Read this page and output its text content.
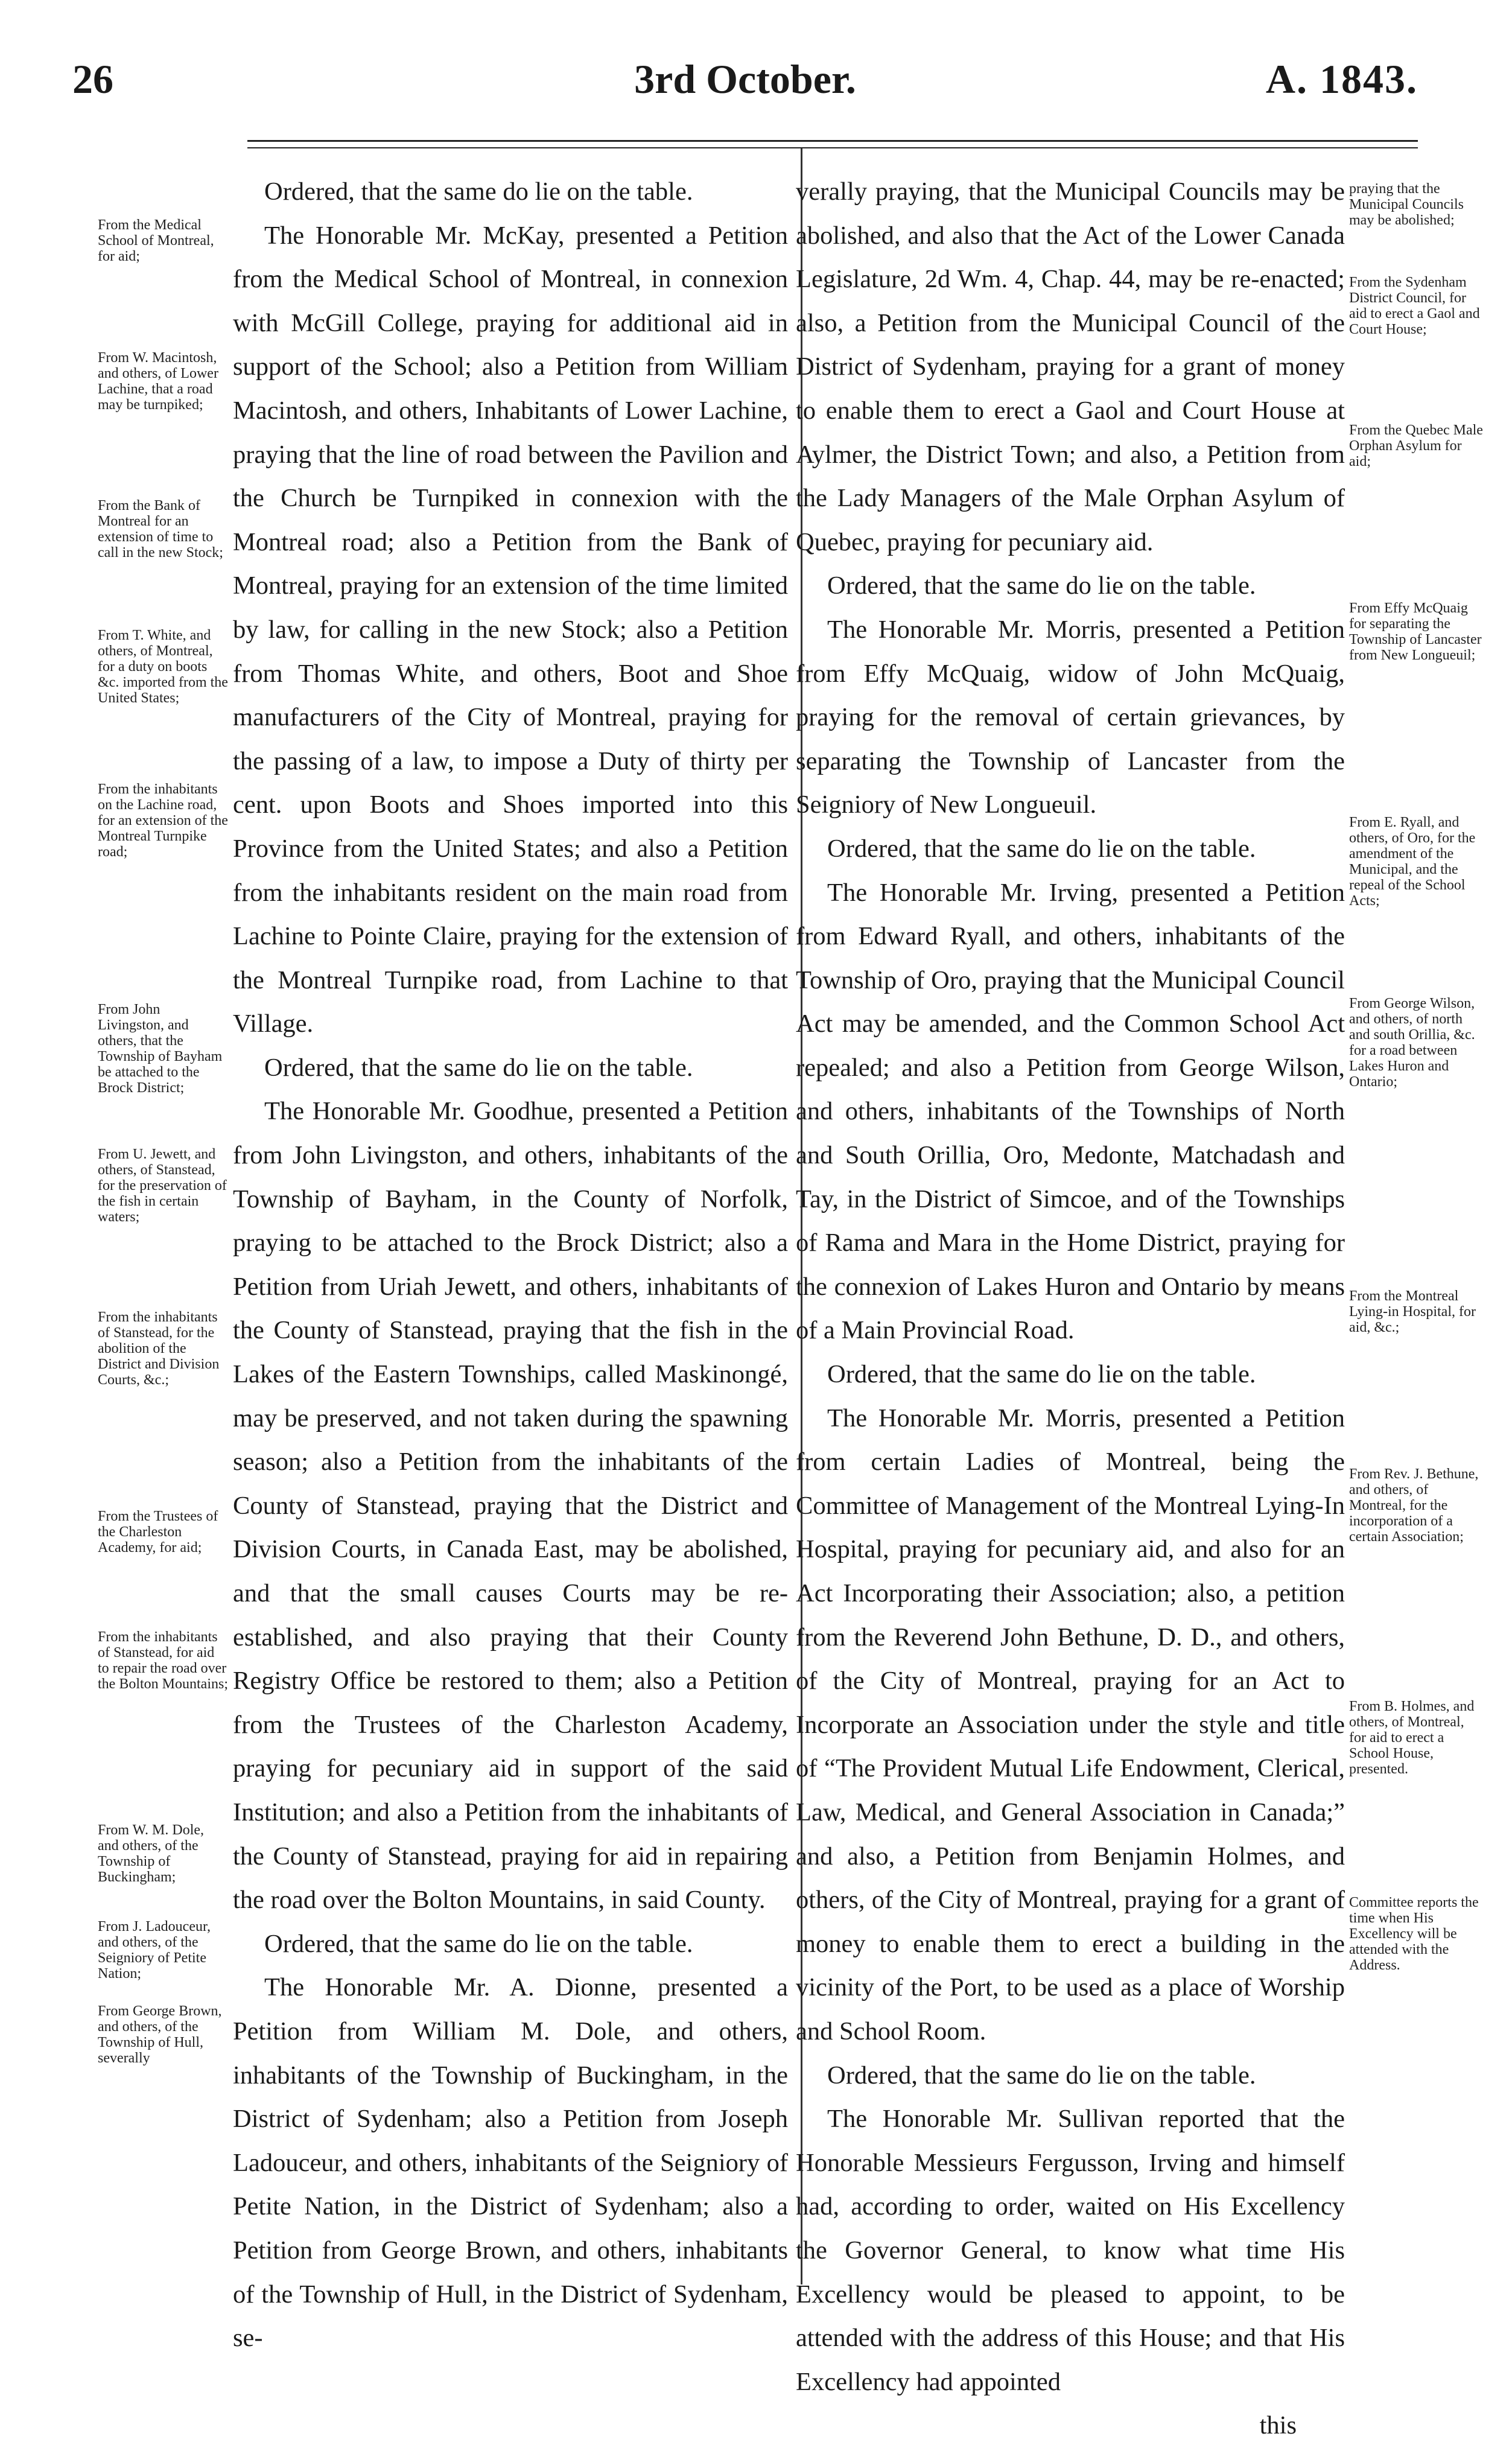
26	3rd October.	A. 1843.

Ordered, that the same do lie on the table.

The Honorable Mr. McKay, presented a Petition from the Medical School of Montreal, in connexion with McGill College, praying for additional aid in support of the School; also a Petition from William Macintosh, and others, Inhabitants of Lower Lachine, praying that the line of road between the Pavilion and the Church be Turnpiked in connexion with the Montreal road; also a Petition from the Bank of Montreal, praying for an extension of the time limited by law, for calling in the new Stock; also a Petition from Thomas White, and others, Boot and Shoe manufacturers of the City of Montreal, praying for the passing of a law, to impose a Duty of thirty per cent. upon Boots and Shoes imported into this Province from the United States; and also a Petition from the inhabitants resident on the main road from Lachine to Pointe Claire, praying for the extension of the Montreal Turnpike road, from Lachine to that Village.

Ordered, that the same do lie on the table.

The Honorable Mr. Goodhue, presented a Petition from John Livingston, and others, inhabitants of the Township of Bayham, in the County of Norfolk, praying to be attached to the Brock District; also a Petition from Uriah Jewett, and others, inhabitants of the County of Stanstead, praying that the fish in the Lakes of the Eastern Townships, called Maskinongé, may be preserved, and not taken during the spawning season; also a Petition from the inhabitants of the County of Stanstead, praying that the District and Division Courts, in Canada East, may be abolished, and that the small causes Courts may be re-established, and also praying that their County Registry Office be restored to them; also a Petition from the Trustees of the Charleston Academy, praying for pecuniary aid in support of the said Institution; and also a Petition from the inhabitants of the County of Stanstead, praying for aid in repairing the road over the Bolton Mountains, in said County.

Ordered, that the same do lie on the table.

The Honorable Mr. A. Dionne, presented a Petition from William M. Dole, and others, inhabitants of the Township of Buckingham, in the District of Sydenham; also a Petition from Joseph Ladouceur, and others, inhabitants of the Seigniory of Petite Nation, in the District of Sydenham; also a Petition from George Brown, and others, inhabitants of the Township of Hull, in the District of Sydenham, se-

verally praying, that the Municipal Councils may be abolished, and also that the Act of the Lower Canada Legislature, 2d Wm. 4, Chap. 44, may be re-enacted; also, a Petition from the Municipal Council of the District of Sydenham, praying for a grant of money to enable them to erect a Gaol and Court House at Aylmer, the District Town; and also, a Petition from the Lady Managers of the Male Orphan Asylum of Quebec, praying for pecuniary aid.

Ordered, that the same do lie on the table.

The Honorable Mr. Morris, presented a Petition from Effy McQuaig, widow of John McQuaig, praying for the removal of certain grievances, by separating the Township of Lancaster from the Seigniory of New Longueuil.

Ordered, that the same do lie on the table.

The Honorable Mr. Irving, presented a Petition from Edward Ryall, and others, inhabitants of the Township of Oro, praying that the Municipal Council Act may be amended, and the Common School Act repealed; and also a Petition from George Wilson, and others, inhabitants of the Townships of North and South Orillia, Oro, Medonte, Matchadash and Tay, in the District of Simcoe, and of the Townships of Rama and Mara in the Home District, praying for the connexion of Lakes Huron and Ontario by means of a Main Provincial Road.

Ordered, that the same do lie on the table.

The Honorable Mr. Morris, presented a Petition from certain Ladies of Montreal, being the Committee of Management of the Montreal Lying-In Hospital, praying for pecuniary aid, and also for an Act Incorporating their Association; also, a petition from the Reverend John Bethune, D. D., and others, of the City of Montreal, praying for an Act to Incorporate an Association under the style and title of “The Provident Mutual Life Endowment, Clerical, Law, Medical, and General Association in Canada;” and also, a Petition from Benjamin Holmes, and others, of the City of Montreal, praying for a grant of money to enable them to erect a building in the vicinity of the Port, to be used as a place of Worship and School Room.

Ordered, that the same do lie on the table.

The Honorable Mr. Sullivan reported that the Honorable Messieurs Fergusson, Irving and himself had, according to order, waited on His Excellency the Governor General, to know what time His Excellency would be pleased to appoint, to be attended with the address of this House; and that His Excellency had appointed

this

From the Medical School of Montreal, for aid;
From W. Macintosh, and others, of Lower Lachine, that a road may be turnpiked;
From the Bank of Montreal for an extension of time to call in the new Stock;
From T. White, and others, of Montreal, for a duty on boots &c. imported from the United States;
From the inhabitants on the Lachine road, for an extension of the Montreal Turnpike road;
From John Livingston, and others, that the Township of Bayham be attached to the Brock District;
From U. Jewett, and others, of Stanstead, for the preservation of the fish in certain waters;
From the inhabitants of Stanstead, for the abolition of the District and Division Courts, &c.;
From the Trustees of the Charleston Academy, for aid;
From the inhabitants of Stanstead, for aid to repair the road over the Bolton Mountains;
From W. M. Dole, and others, of the Township of Buckingham;
From J. Ladouceur, and others, of the Seigniory of Petite Nation;
From George Brown, and others, of the Township of Hull, severally
praying that the Municipal Councils may be abolished;
From the Sydenham District Council, for aid to erect a Gaol and Court House;
From the Quebec Male Orphan Asylum for aid;
From Effy McQuaig for separating the Township of Lancaster from New Longueuil;
From E. Ryall, and others, of Oro, for the amendment of the Municipal, and the repeal of the School Acts;
From George Wilson, and others, of north and south Orillia, &c. for a road between Lakes Huron and Ontario;
From the Montreal Lying-in Hospital, for aid, &c.;
From Rev. J. Bethune, and others, of Montreal, for the incorporation of a certain Association;
From B. Holmes, and others, of Montreal, for aid to erect a School House, presented.
Committee reports the time when His Excellency will be attended with the Address.
